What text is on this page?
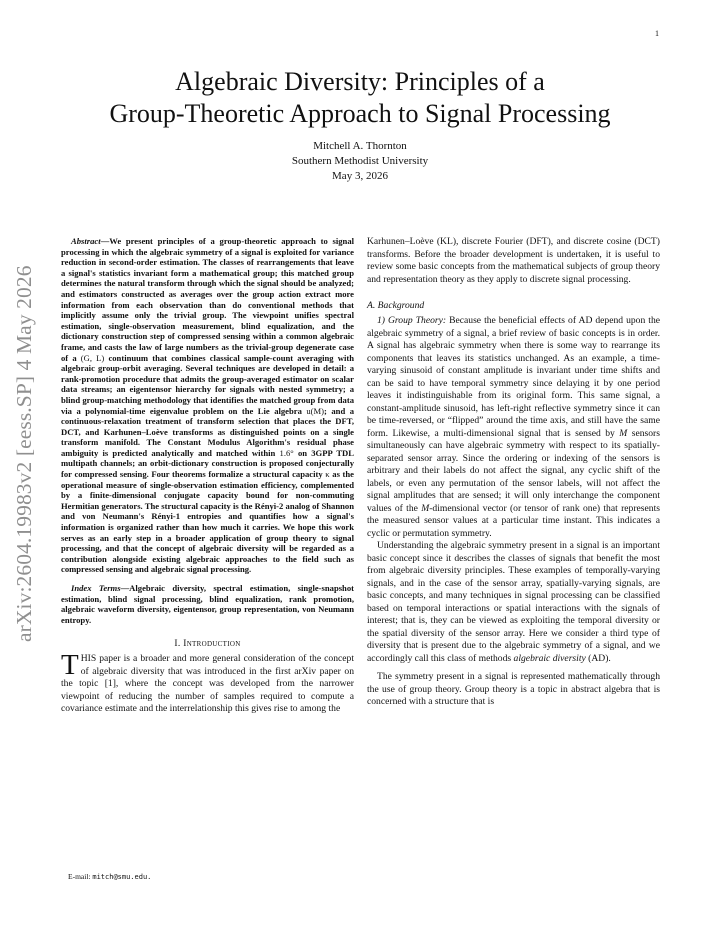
1
arXiv:2604.19983v2 [eess.SP] 4 May 2026
Algebraic Diversity: Principles of a
Group-Theoretic Approach to Signal Processing
Mitchell A. Thornton
Southern Methodist University
May 3, 2026

Abstract—We present principles of a group-theoretic approach to signal processing in which the algebraic symmetry of a signal is exploited for variance reduction in second-order estimation. The classes of rearrangements that leave a signal's statistics invariant form a mathematical group; this matched group determines the natural transform through which the signal should be analyzed; and estimators constructed as averages over the group action extract more information from each observation than do conventional methods that implicitly assume only the trivial group. The viewpoint unifies spectral estimation, single-observation measurement, blind equalization, and the dictionary construction step of compressed sensing within a common algebraic frame, and casts the law of large numbers as the trivial-group degenerate case of a (G, L) continuum that combines classical sample-count averaging with algebraic group-orbit averaging. Several techniques are developed in detail: a rank-promotion procedure that admits the group-averaged estimator on scalar data streams; an eigentensor hierarchy for signals with nested symmetry; a blind group-matching methodology that identifies the matched group from data via a polynomial-time eigenvalue problem on the Lie algebra u(M); and a continuous-relaxation treatment of transform selection that places the DFT, DCT, and Karhunen–Loève transforms as distinguished points on a single transform manifold. The Constant Modulus Algorithm's residual phase ambiguity is predicted analytically and matched within 1.6° on 3GPP TDL multipath channels; an orbit-dictionary construction is proposed conjecturally for compressed sensing. Four theorems formalize a structural capacity κ as the operational measure of single-observation estimation efficiency, complemented by a finite-dimensional conjugate capacity bound for non-commuting Hermitian generators. The structural capacity is the Rényi-2 analog of Shannon and von Neumann's Rényi-1 entropies and quantifies how a signal's information is organized rather than how much it carries. We hope this work serves as an early step in a broader application of group theory to signal processing, and that the concept of algebraic diversity will be regarded as a contribution alongside existing algebraic approaches to the field such as compressed sensing and algebraic signal processing.

Index Terms—Algebraic diversity, spectral estimation, single-snapshot estimation, blind signal processing, blind equalization, rank promotion, algebraic waveform diversity, eigentensor, group representation, von Neumann entropy.

I. Introduction

THIS paper is a broader and more general consideration of the concept of algebraic diversity that was introduced in the first arXiv paper on the topic [1], where the concept was developed from the narrower viewpoint of reducing the number of samples required to compute a covariance estimate and the interrelationship this gives rise to among the

Karhunen–Loève (KL), discrete Fourier (DFT), and discrete cosine (DCT) transforms. Before the broader development is undertaken, it is useful to review some basic concepts from the mathematical subjects of group theory and representation theory as they apply to discrete signal processing.

A. Background

1) Group Theory: Because the beneficial effects of AD depend upon the algebraic symmetry of a signal, a brief review of basic concepts is in order. A signal has algebraic symmetry when there is some way to rearrange its components that leaves its statistics unchanged. As an example, a time-varying sinusoid of constant amplitude is invariant under time shifts and can be said to have temporal symmetry since delaying it by one period leaves it indistinguishable from its original form. This same signal, a constant-amplitude sinusoid, has left-right reflective symmetry since it can be time-reversed, or “flipped” around the time axis, and still have the same form. Likewise, a multi-dimensional signal that is sensed by M sensors simultaneously can have algebraic symmetry with respect to its spatially-separated sensor array. Since the ordering or indexing of the sensors is arbitrary and their labels do not affect the signal, any cyclic shift of the labels, or even any permutation of the sensor labels, will not affect the signal amplitudes that are sensed; it will only interchange the component values of the M-dimensional vector (or tensor of rank one) that represents the measured sensor values at a particular time instant. This indicates a cyclic or permutation symmetry.

Understanding the algebraic symmetry present in a signal is an important basic concept since it describes the classes of signals that benefit the most from algebraic diversity principles. These examples of temporally-varying signals, and in the case of the sensor array, spatially-varying signals, are basic concepts, and many techniques in signal processing can be classified based on temporal interactions or spatial interactions with the signals of interest; that is, they can be viewed as exploiting the temporal diversity or the spatial diversity of the sensor array. Here we consider a third type of diversity that is present due to the algebraic symmetry of a signal, and we accordingly call this class of methods algebraic diversity (AD).

The symmetry present in a signal is represented mathematically through the use of group theory. Group theory is a topic in abstract algebra that is concerned with a structure that is

E-mail: mitch@smu.edu.
